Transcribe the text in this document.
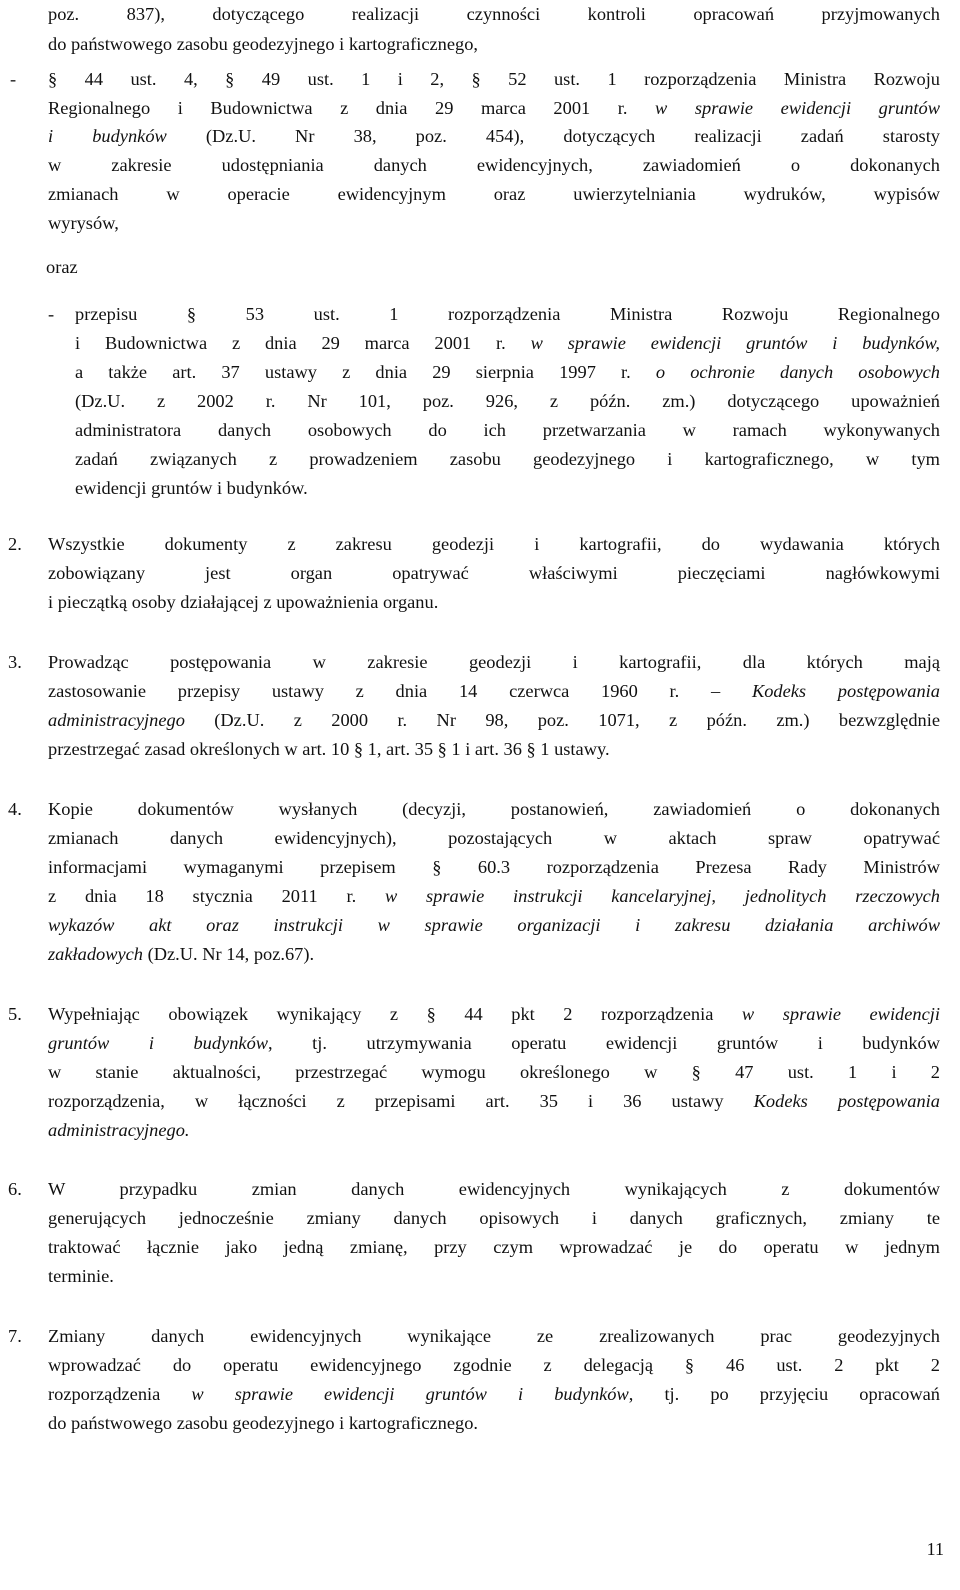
poz. 837), dotyczącego realizacji czynności kontroli opracowań przyjmowanych

do państwowego zasobu geodezyjnego i kartograficznego,

- § 44 ust. 4, § 49 ust. 1 i 2, § 52 ust. 1 rozporządzenia Ministra Rozwoju

Regionalnego i Budownictwa z dnia 29 marca 2001 r. w sprawie ewidencji gruntów

i budynków (Dz.U. Nr 38, poz. 454), dotyczących realizacji zadań starosty

w zakresie udostępniania danych ewidencyjnych, zawiadomień o dokonanych

zmianach w operacie ewidencyjnym oraz uwierzytelniania wydruków, wypisów

wyrysów,

oraz

- przepisu § 53 ust. 1 rozporządzenia Ministra Rozwoju Regionalnego

i Budownictwa z dnia 29 marca 2001 r. w sprawie ewidencji gruntów i budynków,

a także art. 37 ustawy z dnia 29 sierpnia 1997 r. o ochronie danych osobowych

(Dz.U. z 2002 r. Nr 101, poz. 926, z późn. zm.) dotyczącego upoważnień

administratora danych osobowych do ich przetwarzania w ramach wykonywanych

zadań związanych z prowadzeniem zasobu geodezyjnego i kartograficznego, w tym

ewidencji gruntów i budynków.

2. Wszystkie dokumenty z zakresu geodezji i kartografii, do wydawania których

zobowiązany jest organ opatrywać właściwymi pieczęciami nagłówkowymi

i pieczątką osoby działającej z upoważnienia organu.

3. Prowadząc postępowania w zakresie geodezji i kartografii, dla których mają

zastosowanie przepisy ustawy z dnia 14 czerwca 1960 r. – Kodeks postępowania

administracyjnego (Dz.U. z 2000 r. Nr 98, poz. 1071, z późn. zm.) bezwzględnie

przestrzegać zasad określonych w art. 10 § 1, art. 35 § 1 i art. 36 § 1 ustawy.

4. Kopie dokumentów wysłanych (decyzji, postanowień, zawiadomień o dokonanych

zmianach danych ewidencyjnych), pozostających w aktach spraw opatrywać

informacjami wymaganymi przepisem § 60.3 rozporządzenia Prezesa Rady Ministrów

z dnia 18 stycznia 2011 r. w sprawie instrukcji kancelaryjnej, jednolitych rzeczowych

wykazów akt oraz instrukcji w sprawie organizacji i zakresu działania archiwów

zakładowych (Dz.U. Nr 14, poz.67).

5. Wypełniając obowiązek wynikający z § 44 pkt 2 rozporządzenia w sprawie ewidencji

gruntów i budynków, tj. utrzymywania operatu ewidencji gruntów i budynków

w stanie aktualności, przestrzegać wymogu określonego w § 47 ust. 1 i 2

rozporządzenia, w łączności z przepisami art. 35 i 36 ustawy Kodeks postępowania

administracyjnego.

6. W przypadku zmian danych ewidencyjnych wynikających z dokumentów

generujących jednocześnie zmiany danych opisowych i danych graficznych, zmiany te

traktować łącznie jako jedną zmianę, przy czym wprowadzać je do operatu w jednym

terminie.

7. Zmiany danych ewidencyjnych wynikające ze zrealizowanych prac geodezyjnych

wprowadzać do operatu ewidencyjnego zgodnie z delegacją § 46 ust. 2 pkt 2

rozporządzenia w sprawie ewidencji gruntów i budynków, tj. po przyjęciu opracowań

do państwowego zasobu geodezyjnego i kartograficznego.

11
